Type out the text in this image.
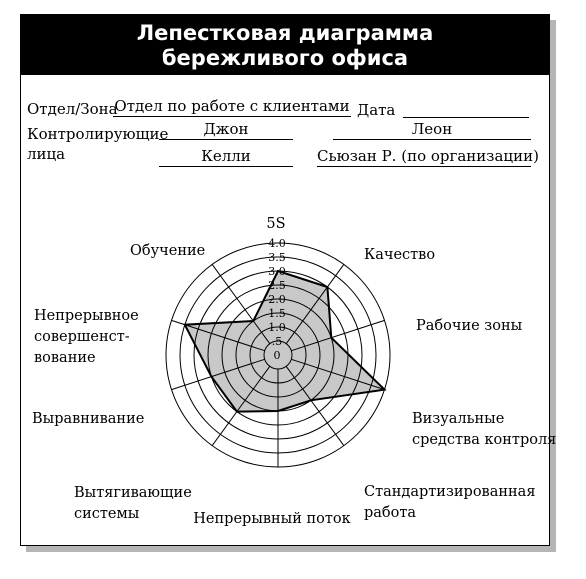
Лепестковая диаграмма
бережливого офиса
Отдел/Зона
Отдел по работе с клиентами Дата
Контролирующие
лица
Джон	Леон
Келли	Сьюзан Р. (по организации)
0
.5
1.0
1.5
2.0
2.5
3.0
3.5
4.0
5S
Качество
Рабочие зоны
Визуальные средства контроля
Стандартизированная работа
Непрерывный поток
Вытягивающие системы
Выравнивание
Непрерывное совершенст-вование
Обучение
